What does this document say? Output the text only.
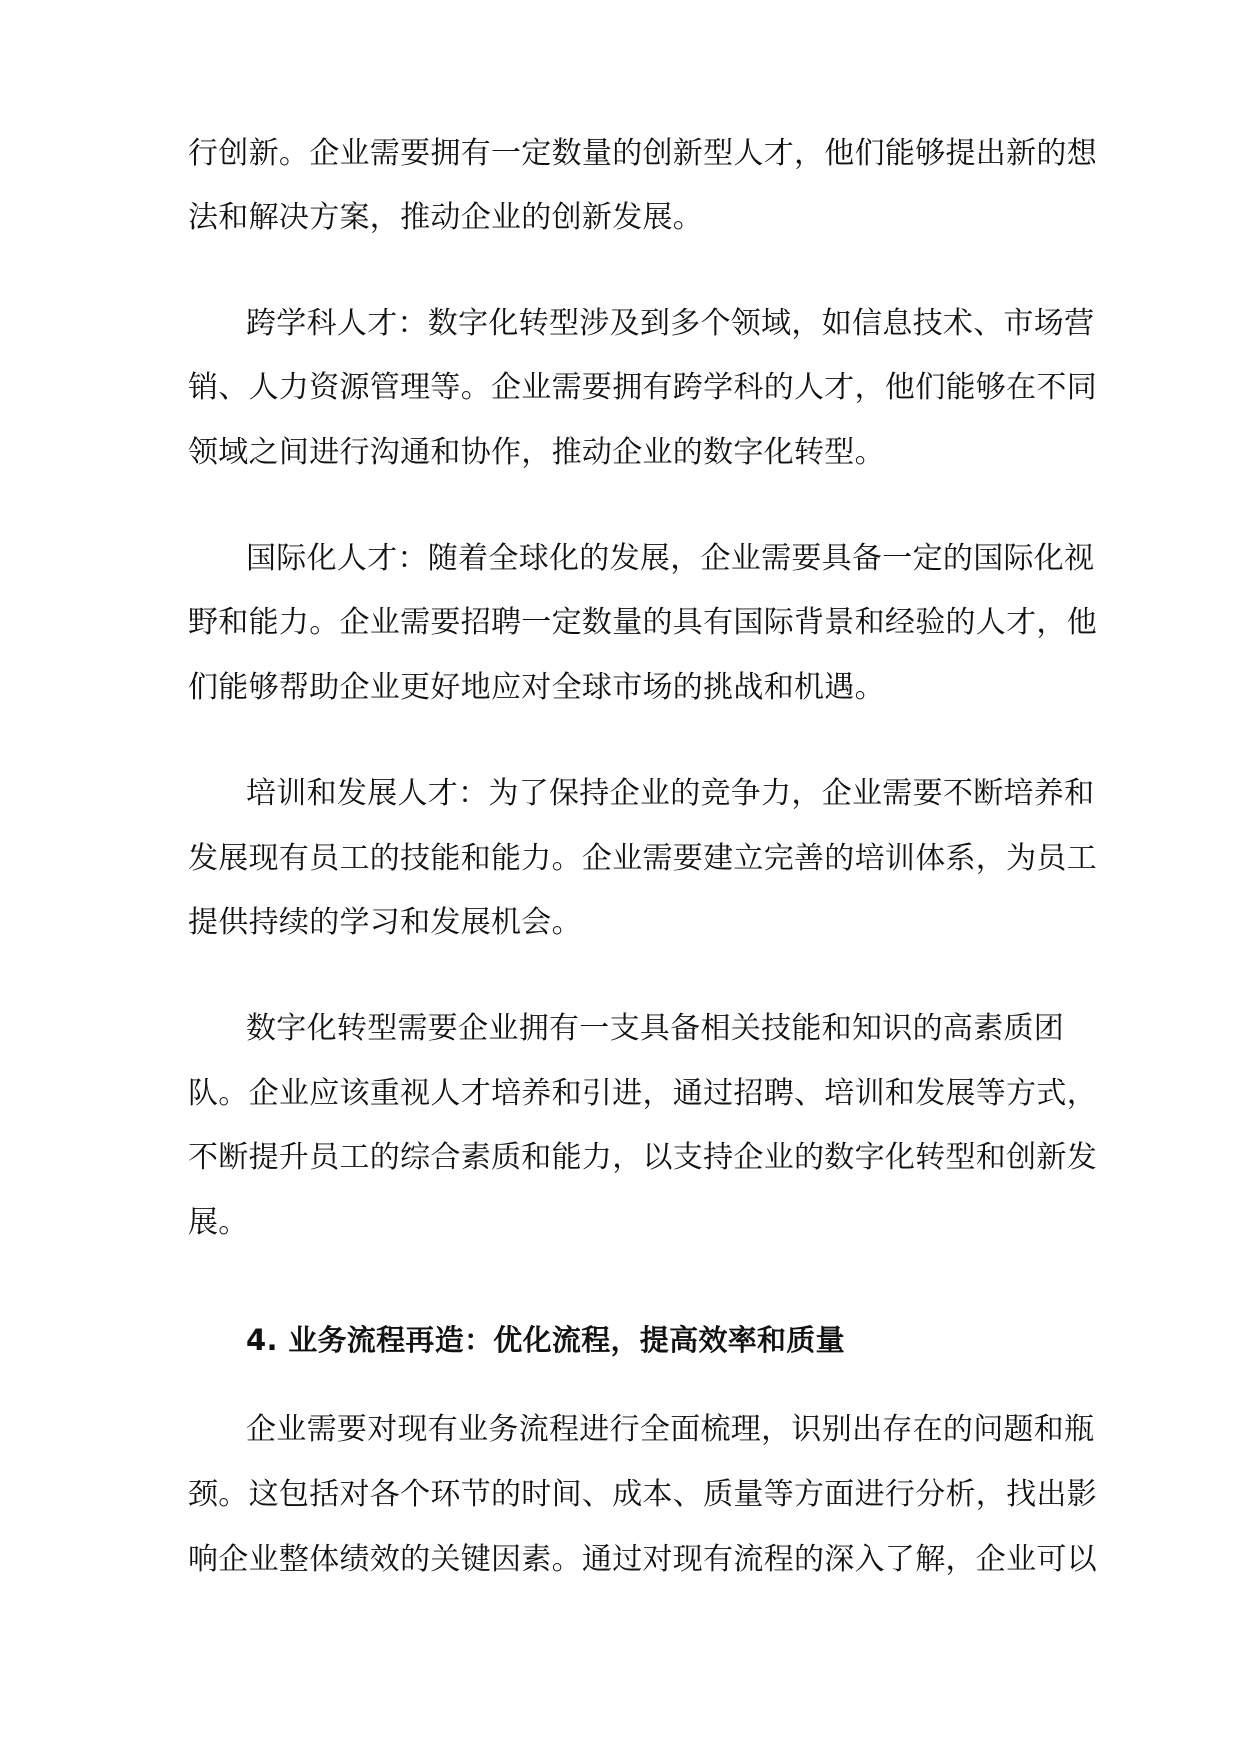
行创新。企业需要拥有一定数量的创新型人才，他们能够提出新的想
法和解决方案，推动企业的创新发展。
跨学科人才：数字化转型涉及到多个领域，如信息技术、市场营
销、人力资源管理等。企业需要拥有跨学科的人才，他们能够在不同
领域之间进行沟通和协作，推动企业的数字化转型。
国际化人才：随着全球化的发展，企业需要具备一定的国际化视
野和能力。企业需要招聘一定数量的具有国际背景和经验的人才，他
们能够帮助企业更好地应对全球市场的挑战和机遇。
培训和发展人才：为了保持企业的竞争力，企业需要不断培养和
发展现有员工的技能和能力。企业需要建立完善的培训体系，为员工
提供持续的学习和发展机会。
数字化转型需要企业拥有一支具备相关技能和知识的高素质团
队。企业应该重视人才培养和引进，通过招聘、培训和发展等方式，
不断提升员工的综合素质和能力，以支持企业的数字化转型和创新发
展。
4. 业务流程再造：优化流程，提高效率和质量
企业需要对现有业务流程进行全面梳理，识别出存在的问题和瓶
颈。这包括对各个环节的时间、成本、质量等方面进行分析，找出影
响企业整体绩效的关键因素。通过对现有流程的深入了解，企业可以
